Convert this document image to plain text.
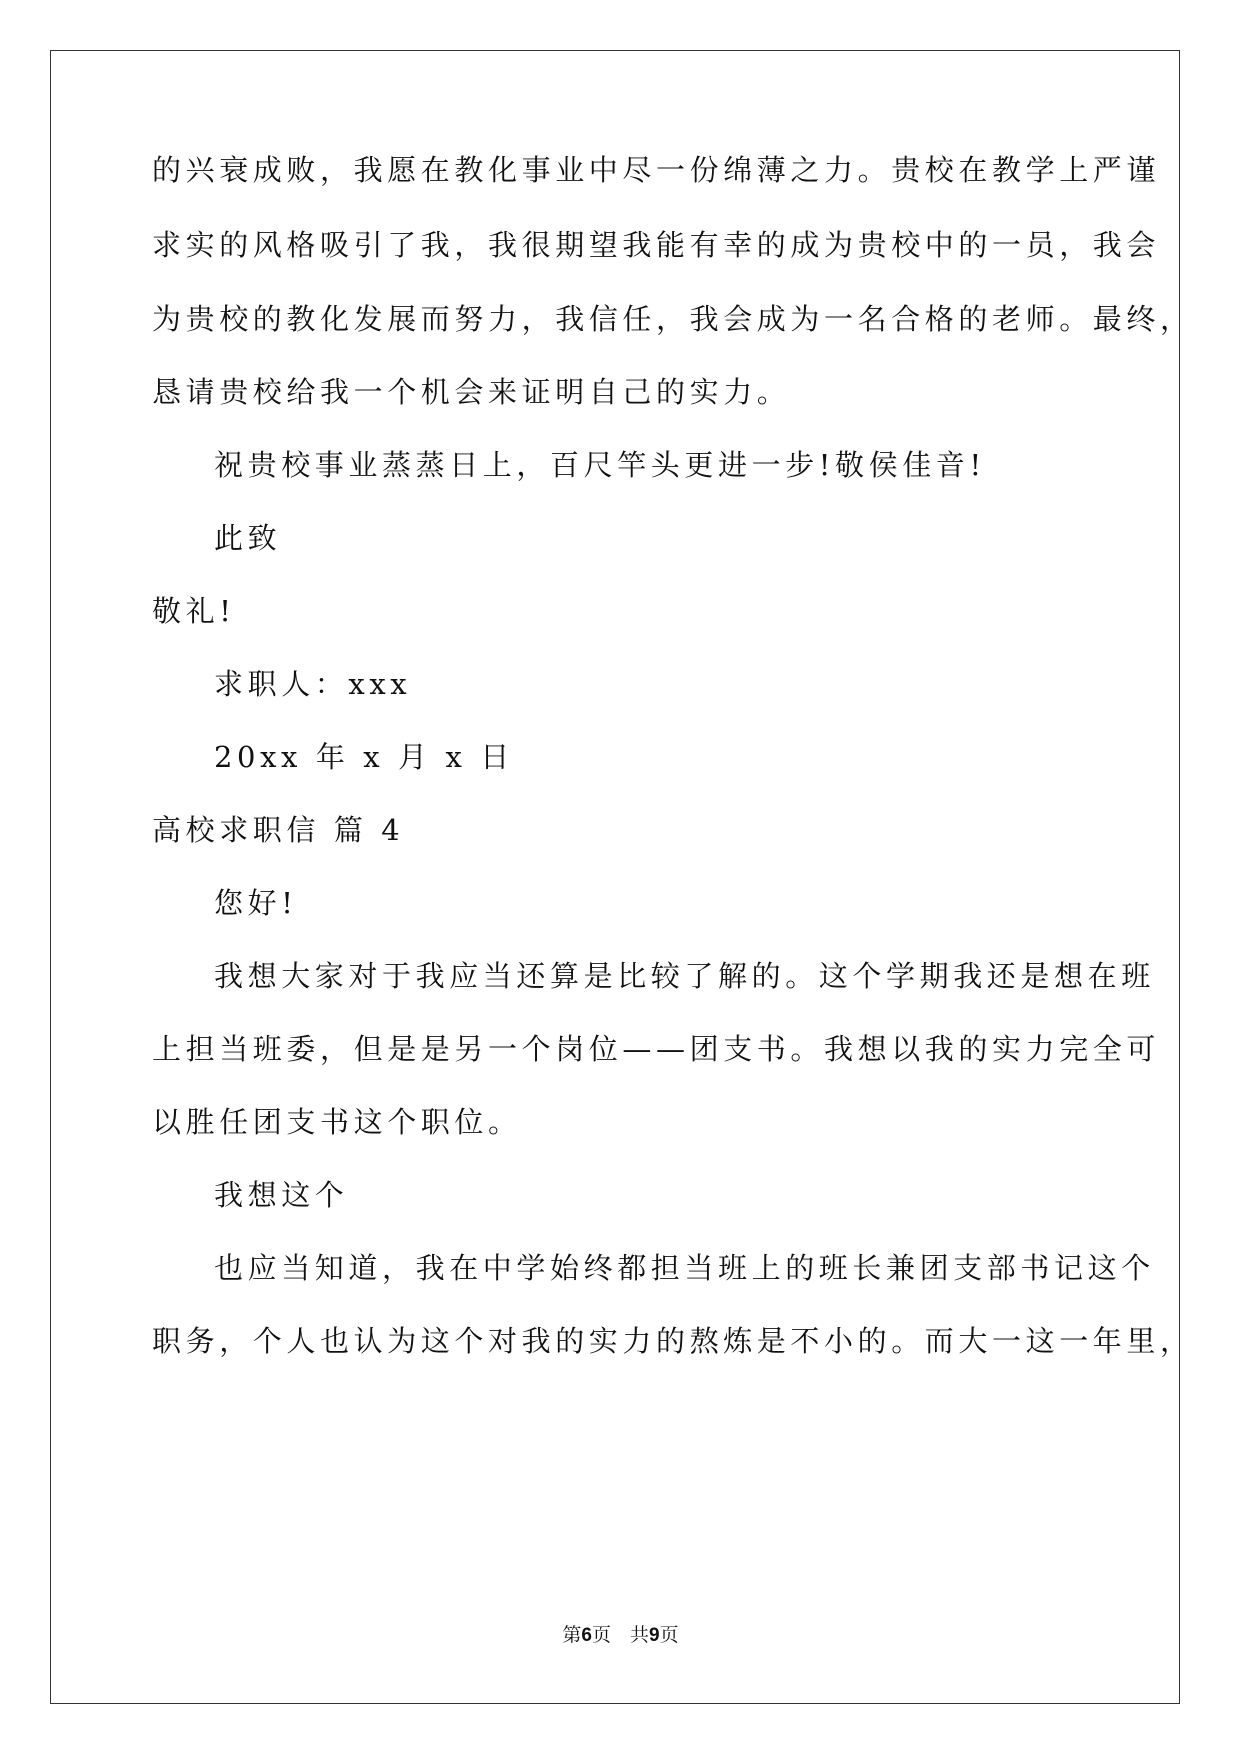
的兴衰成败，我愿在教化事业中尽一份绵薄之力。贵校在教学上严谨
求实的风格吸引了我，我很期望我能有幸的成为贵校中的一员，我会
为贵校的教化发展而努力，我信任，我会成为一名合格的老师。最终，
恳请贵校给我一个机会来证明自己的实力。
祝贵校事业蒸蒸日上，百尺竿头更进一步!敬侯佳音!
此致
敬礼!
求职人：xxx
20xx 年 x 月 x 日
高校求职信 篇 4
您好!
我想大家对于我应当还算是比较了解的。这个学期我还是想在班
上担当班委，但是是另一个岗位——团支书。我想以我的实力完全可
以胜任团支书这个职位。
我想这个
也应当知道，我在中学始终都担当班上的班长兼团支部书记这个
职务，个人也认为这个对我的实力的熬炼是不小的。而大一这一年里，
第6页　共9页
